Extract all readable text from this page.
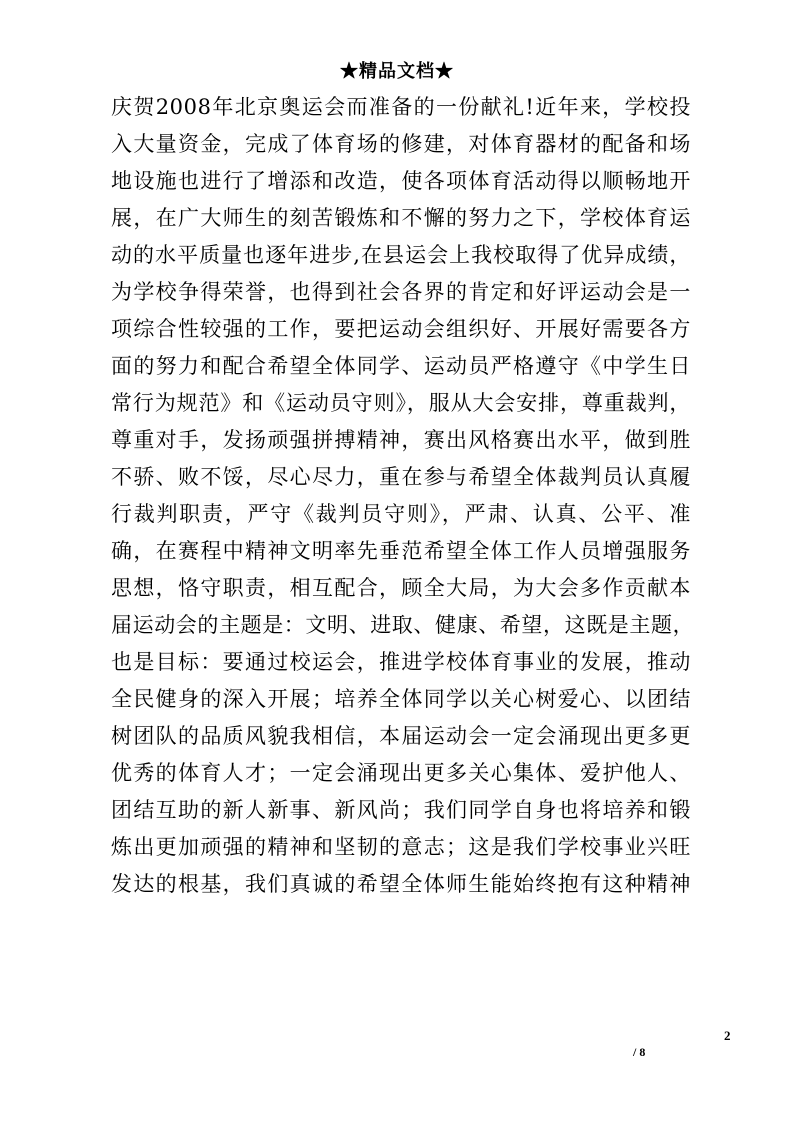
★精品文档★
庆贺2008年北京奥运会而准备的一份献礼!近年来，学校投
入大量资金，完成了体育场的修建，对体育器材的配备和场
地设施也进行了增添和改造，使各项体育活动得以顺畅地开
展，在广大师生的刻苦锻炼和不懈的努力之下，学校体育运
动的水平质量也逐年进步,在县运会上我校取得了优异成绩，
为学校争得荣誉，也得到社会各界的肯定和好评运动会是一
项综合性较强的工作，要把运动会组织好、开展好需要各方
面的努力和配合希望全体同学、运动员严格遵守《中学生日
常行为规范》和《运动员守则》，服从大会安排，尊重裁判，
尊重对手，发扬顽强拼搏精神，赛出风格赛出水平，做到胜
不骄、败不馁，尽心尽力，重在参与希望全体裁判员认真履
行裁判职责，严守《裁判员守则》，严肃、认真、公平、准
确，在赛程中精神文明率先垂范希望全体工作人员增强服务
思想，恪守职责，相互配合，顾全大局，为大会多作贡献本
届运动会的主题是：文明、进取、健康、希望，这既是主题，
也是目标：要通过校运会，推进学校体育事业的发展，推动
全民健身的深入开展；培养全体同学以关心树爱心、以团结
树团队的品质风貌我相信，本届运动会一定会涌现出更多更
优秀的体育人才；一定会涌现出更多关心集体、爱护他人、
团结互助的新人新事、新风尚；我们同学自身也将培养和锻
炼出更加顽强的精神和坚韧的意志；这是我们学校事业兴旺
发达的根基，我们真诚的希望全体师生能始终抱有这种精神
2
/ 8
